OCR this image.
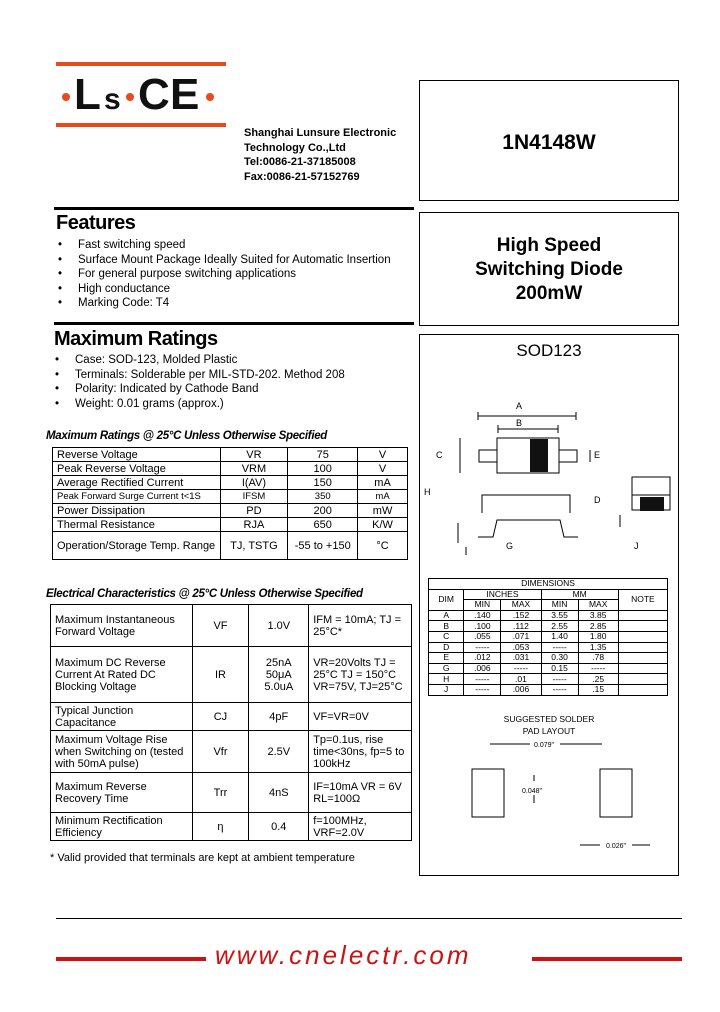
L s C E
Shanghai Lunsure Electronic
Technology Co.,Ltd
Tel:0086-21-37185008
Fax:0086-21-57152769
1N4148W
High Speed
Switching Diode
200mW
Features
• Fast switching speed
• Surface Mount Package Ideally Suited for Automatic Insertion
• For general purpose switching applications
• High conductance
• Marking Code: T4
Maximum Ratings
• Case: SOD-123, Molded Plastic
• Terminals: Solderable per MIL-STD-202. Method 208
• Polarity: Indicated by Cathode Band
• Weight: 0.01 grams (approx.)
Maximum Ratings @ 25°C Unless Otherwise Specified
Reverse Voltage	VR	75	V
Peak Reverse Voltage	VRM	100	V
Average Rectified Current	I(AV)	150	mA
Peak Forward Surge Current t<1S	IFSM	350	mA
Power Dissipation	PD	200	mW
Thermal Resistance	RJA	650	K/W
Operation/Storage Temp. Range	TJ, TSTG	-55 to +150	°C
Electrical Characteristics @ 25°C Unless Otherwise Specified
Maximum Instantaneous Forward Voltage	VF	1.0V	IFM = 10mA; TJ = 25°C*
Maximum DC Reverse Current At Rated DC Blocking Voltage	IR	25nA 50μA 5.0uA	VR=20Volts TJ = 25°C TJ = 150°C VR=75V, TJ=25°C
Typical Junction Capacitance	CJ	4pF	VF=VR=0V
Maximum Voltage Rise when Switching on (tested with 50mA pulse)	Vfr	2.5V	Tp=0.1us, rise time<30ns, fp=5 to 100kHz
Maximum Reverse Recovery Time	Trr	4nS	IF=10mA VR = 6V RL=100Ω
Minimum Rectification Efficiency	η	0.4	f=100MHz, VRF=2.0V
* Valid provided that terminals are kept at ambient temperature
SOD123
A
B
C	E
H
D
G	J
DIMENSIONS					
DIM	INCHES		MM		NOTE
	MIN	MAX	MIN	MAX	
A	.140	.152	3.55	3.85	
B	.100	.112	2.55	2.85	
C	.055	.071	1.40	1.80	
D	-----	.053	-----	1.35	
E	.012	.031	0.30	.78	
G	.006	-----	0.15	-----	
H	-----	.01	-----	.25	
J	-----	.006	-----	.15	
SUGGESTED SOLDER
PAD LAYOUT
0.079"
0.048"
0.026"
www.cnelectr.com
